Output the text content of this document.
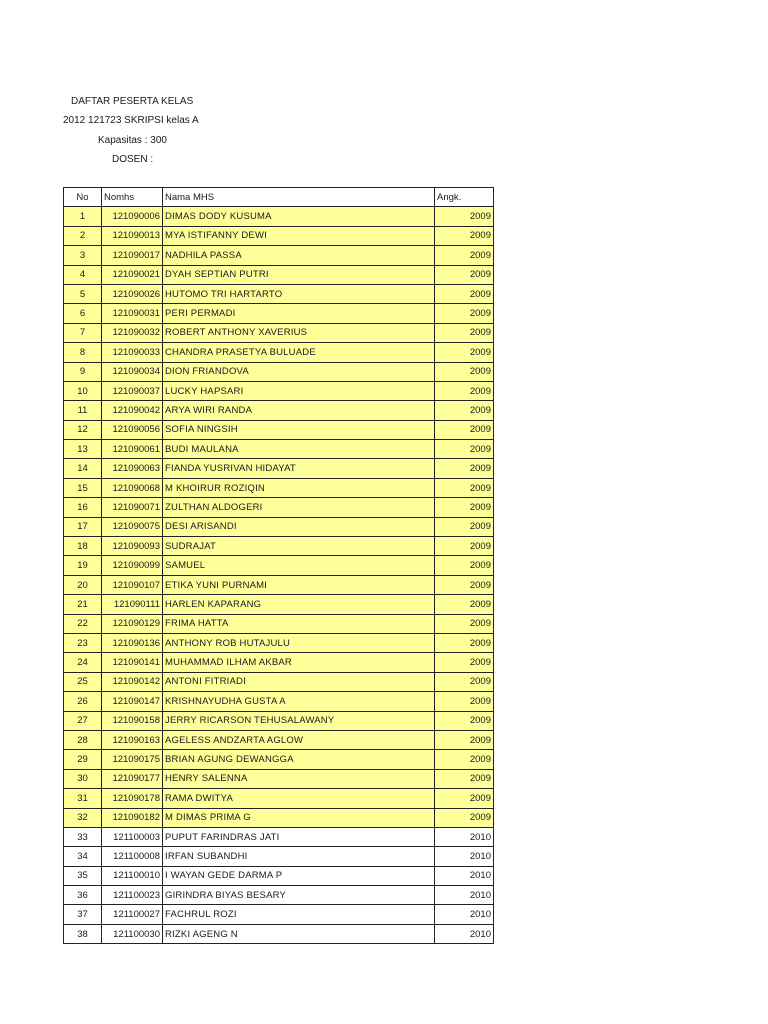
DAFTAR PESERTA KELAS
2012 121723 SKRIPSI kelas A
Kapasitas : 300
DOSEN :
No	Nomhs	Nama MHS	Angk.
1	121090006	DIMAS DODY KUSUMA	2009
2	121090013	MYA ISTIFANNY DEWI	2009
3	121090017	NADHILA PASSA	2009
4	121090021	DYAH SEPTIAN PUTRI	2009
5	121090026	HUTOMO TRI HARTARTO	2009
6	121090031	PERI PERMADI	2009
7	121090032	ROBERT ANTHONY XAVERIUS	2009
8	121090033	CHANDRA PRASETYA BULUADE	2009
9	121090034	DION FRIANDOVA	2009
10	121090037	LUCKY HAPSARI	2009
11	121090042	ARYA WIRI RANDA	2009
12	121090056	SOFIA NINGSIH	2009
13	121090061	BUDI MAULANA	2009
14	121090063	FIANDA YUSRIVAN HIDAYAT	2009
15	121090068	M KHOIRUR ROZIQIN	2009
16	121090071	ZULTHAN ALDOGERI	2009
17	121090075	DESI ARISANDI	2009
18	121090093	SUDRAJAT	2009
19	121090099	SAMUEL	2009
20	121090107	ETIKA YUNI PURNAMI	2009
21	121090111	HARLEN KAPARANG	2009
22	121090129	FRIMA HATTA	2009
23	121090136	ANTHONY ROB HUTAJULU	2009
24	121090141	MUHAMMAD ILHAM AKBAR	2009
25	121090142	ANTONI FITRIADI	2009
26	121090147	KRISHNAYUDHA GUSTA A	2009
27	121090158	JERRY RICARSON TEHUSALAWANY	2009
28	121090163	AGELESS ANDZARTA AGLOW	2009
29	121090175	BRIAN AGUNG DEWANGGA	2009
30	121090177	HENRY SALENNA	2009
31	121090178	RAMA DWITYA	2009
32	121090182	M DIMAS PRIMA G	2009
33	121100003	PUPUT FARINDRAS JATI	2010
34	121100008	IRFAN SUBANDHI	2010
35	121100010	I WAYAN GEDE DARMA P	2010
36	121100023	GIRINDRA BIYAS BESARY	2010
37	121100027	FACHRUL ROZI	2010
38	121100030	RIZKI AGENG N	2010
